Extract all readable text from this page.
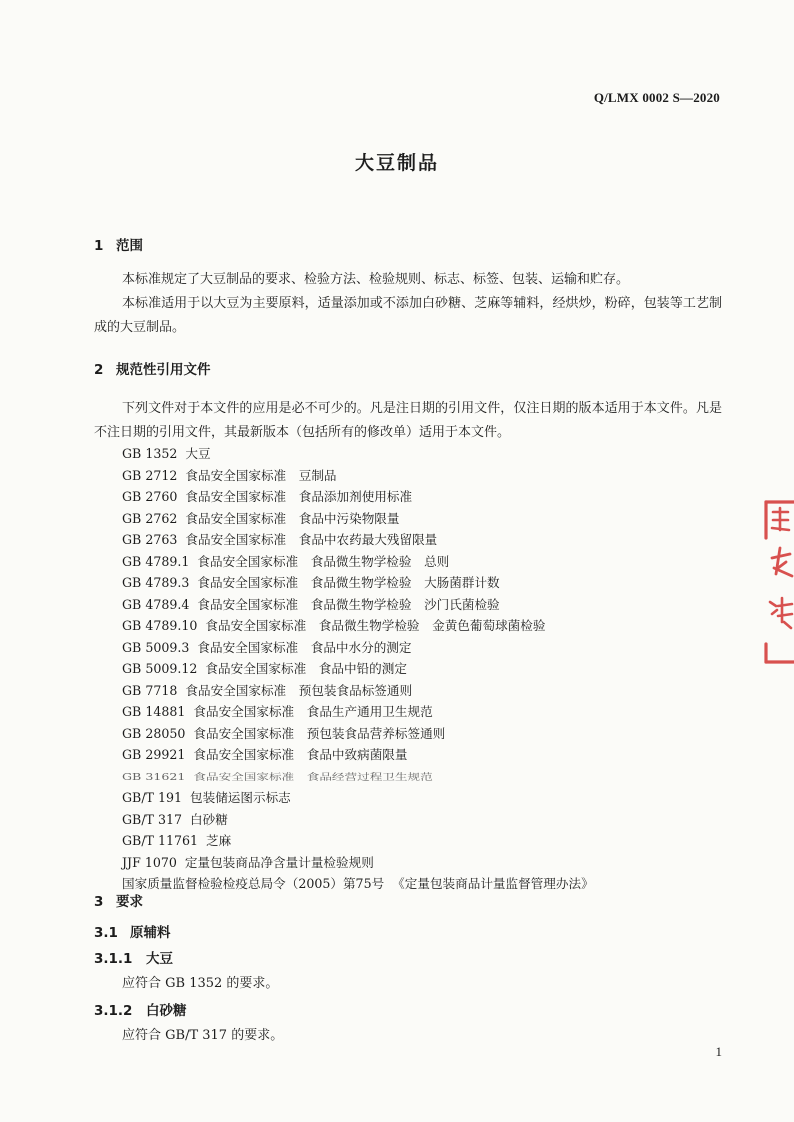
Q/LMX 0002 S—2020
大豆制品
1 范围
本标准规定了大豆制品的要求、检验方法、检验规则、标志、标签、包装、运输和贮存。
本标准适用于以大豆为主要原料，适量添加或不添加白砂糖、芝麻等辅料，经烘炒，粉碎，包装等工艺制成的大豆制品。
2 规范性引用文件
下列文件对于本文件的应用是必不可少的。凡是注日期的引用文件，仅注日期的版本适用于本文件。凡是不注日期的引用文件，其最新版本（包括所有的修改单）适用于本文件。
GB 1352 大豆
GB 2712 食品安全国家标准　豆制品
GB 2760 食品安全国家标准　食品添加剂使用标准
GB 2762 食品安全国家标准　食品中污染物限量
GB 2763 食品安全国家标准　食品中农药最大残留限量
GB 4789.1 食品安全国家标准　食品微生物学检验　总则
GB 4789.3 食品安全国家标准　食品微生物学检验　大肠菌群计数
GB 4789.4 食品安全国家标准　食品微生物学检验　沙门氏菌检验
GB 4789.10 食品安全国家标准　食品微生物学检验　金黄色葡萄球菌检验
GB 5009.3 食品安全国家标准　食品中水分的测定
GB 5009.12 食品安全国家标准　食品中铅的测定
GB 7718 食品安全国家标准　预包装食品标签通则
GB 14881 食品安全国家标准　食品生产通用卫生规范
GB 28050 食品安全国家标准　预包装食品营养标签通则
GB 29921 食品安全国家标准　食品中致病菌限量
GB 31621 食品安全国家标准　食品经营过程卫生规范
GB/T 191 包装储运图示标志
GB/T 317 白砂糖
GB/T 11761 芝麻
JJF 1070 定量包装商品净含量计量检验规则
国家质量监督检验检疫总局令（2005）第75号 《定量包装商品计量监督管理办法》
3 要求
3.1 原辅料
3.1.1 大豆
应符合 GB 1352 的要求。
3.1.2 白砂糖
应符合 GB/T 317 的要求。
1
